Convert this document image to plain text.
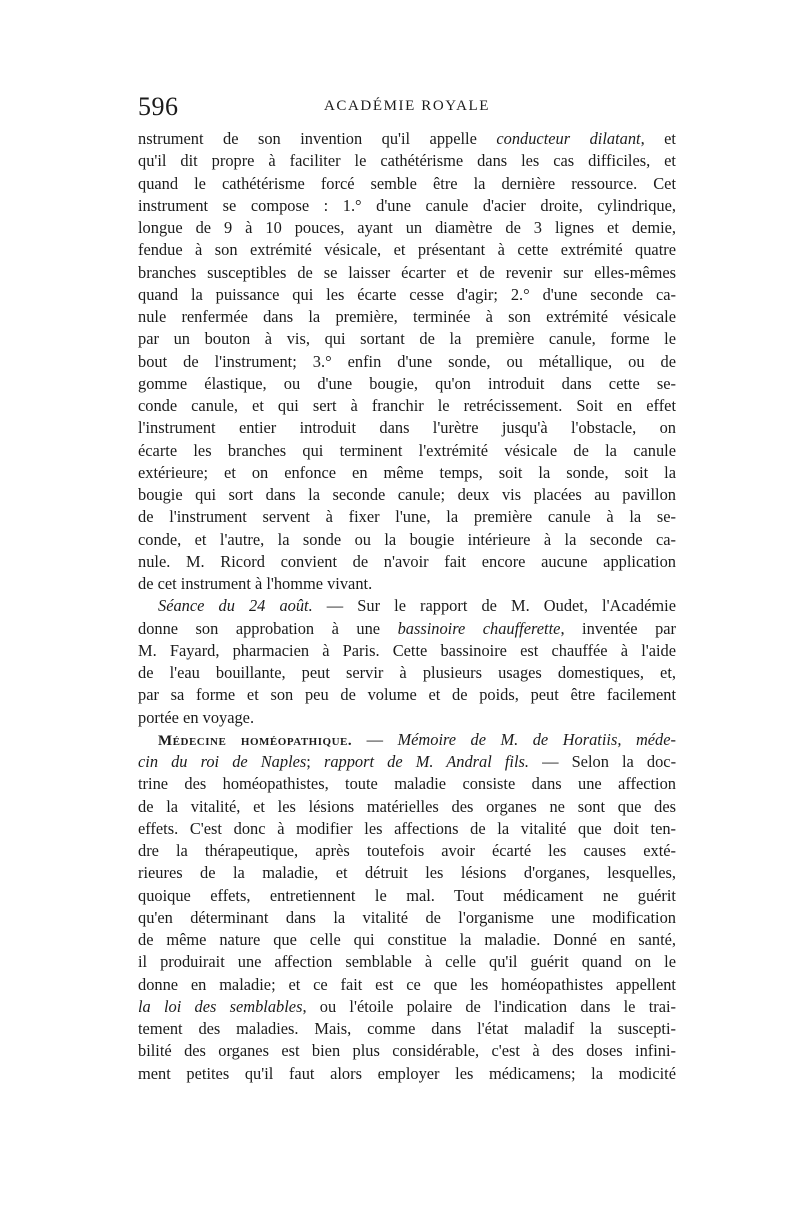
596	ACADÉMIE ROYALE
nstrument de son invention qu'il appelle conducteur dilatant, et
qu'il dit propre à faciliter le cathétérisme dans les cas difficiles, et
quand le cathétérisme forcé semble être la dernière ressource. Cet
instrument se compose : 1.° d'une canule d'acier droite, cylindrique,
longue de 9 à 10 pouces, ayant un diamètre de 3 lignes et demie,
fendue à son extrémité vésicale, et présentant à cette extrémité quatre
branches susceptibles de se laisser écarter et de revenir sur elles-mêmes
quand la puissance qui les écarte cesse d'agir; 2.° d'une seconde ca-
nule renfermée dans la première, terminée à son extrémité vésicale
par un bouton à vis, qui sortant de la première canule, forme le
bout de l'instrument; 3.° enfin d'une sonde, ou métallique, ou de
gomme élastique, ou d'une bougie, qu'on introduit dans cette se-
conde canule, et qui sert à franchir le retrécissement. Soit en effet
l'instrument entier introduit dans l'urètre jusqu'à l'obstacle, on
écarte les branches qui terminent l'extrémité vésicale de la canule
extérieure; et on enfonce en même temps, soit la sonde, soit la
bougie qui sort dans la seconde canule; deux vis placées au pavillon
de l'instrument servent à fixer l'une, la première canule à la se-
conde, et l'autre, la sonde ou la bougie intérieure à la seconde ca-
nule. M. Ricord convient de n'avoir fait encore aucune application
de cet instrument à l'homme vivant.
Séance du 24 août. — Sur le rapport de M. Oudet, l'Académie
donne son approbation à une bassinoire chaufferette, inventée par
M. Fayard, pharmacien à Paris. Cette bassinoire est chauffée à l'aide
de l'eau bouillante, peut servir à plusieurs usages domestiques, et,
par sa forme et son peu de volume et de poids, peut être facilement
portée en voyage.
Médecine homéopathique. — Mémoire de M. de Horatiis, méde-
cin du roi de Naples; rapport de M. Andral fils. — Selon la doc-
trine des homéopathistes, toute maladie consiste dans une affection
de la vitalité, et les lésions matérielles des organes ne sont que des
effets. C'est donc à modifier les affections de la vitalité que doit ten-
dre la thérapeutique, après toutefois avoir écarté les causes exté-
rieures de la maladie, et détruit les lésions d'organes, lesquelles,
quoique effets, entretiennent le mal. Tout médicament ne guérit
qu'en déterminant dans la vitalité de l'organisme une modification
de même nature que celle qui constitue la maladie. Donné en santé,
il produirait une affection semblable à celle qu'il guérit quand on le
donne en maladie; et ce fait est ce que les homéopathistes appellent
la loi des semblables, ou l'étoile polaire de l'indication dans le trai-
tement des maladies. Mais, comme dans l'état maladif la suscepti-
bilité des organes est bien plus considérable, c'est à des doses infini-
ment petites qu'il faut alors employer les médicamens; la modicité
